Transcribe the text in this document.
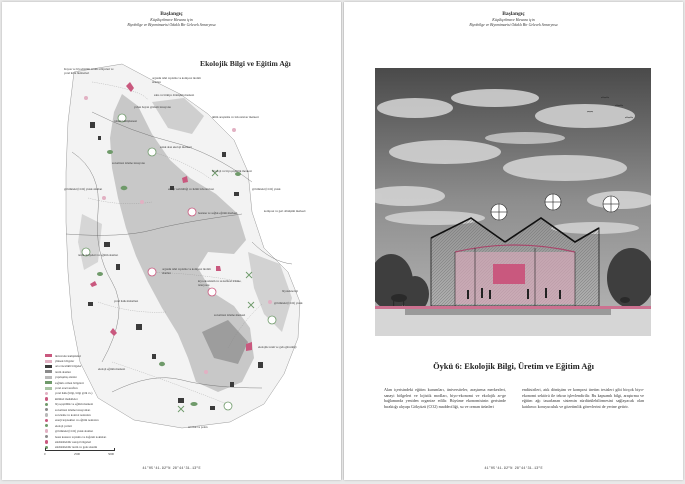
Başlangıç
Küçükçekmece Havzası için
Biyobölge ve Biyomimarisi Odaklı Bir Gelecek Senaryosu
Ekolojik Bilgi ve Eğitim Ağı
Kayısı ve biyodizilim tarımı atölyeleri ve yerel ürün hizmetleri
organik tahıl toplama ve kompost üretim alanları
saha ve bitkiye dönüşüm merkezi
yaban hayatı gözlem istasyonu
tohum kütüphanesi
iklim araştırma ve laboratuvar merkezi
sulak alan ekoloji merkezi
su kalitesi izleme istasyonu
gölcükteki (CO2) yutak alanları
biyoloji ve biyoçeşitlilik merkezi
enerji verimliliği ve iklim laboratuvarı	gölcükteki (CO2) yutak
hastane ve sağlık eğitim merkezi	kompost ve geri dönüşüm merkezi
tarım atölyeleri ve eğitim alanları
organik tahıl toplama ve kompost üretim alanları
kıyı ekosistem ve su kalitesi izleme istasyonu
biyoteknoloji
gölcükteki (CO2) yutak
su kalitesi izleme merkezi
yerel halk mahallesi
ekoloji eğitim merkezi
ekolojik tarım ve gıda güvenliği
arıcılık ve polen
üniversite kampüsleri
yüksek bölgeler
orta öncelikli bölgeler
tarım alanları
yapılaşmış alanlar
sağlıklı orman bölgeleri
yerel arazi sınıfları
yerel halk (bilgi, bilgi gölü vs.)
kültürel mahalleler
biyoçeşitlilik ve eğitim merkezi
su kalitesi izleme istasyonları
su izleme ve kontrol noktaları
enerji kaynakları ve eğitim noktaları
ekoloji yerleri
gölcükteki (CO2) yutak alanları
hasat kazancı toplama ve dağıtım noktaları
sürdürülebilir sanayi bölgeleri
sürdürülebilir tarım ve gıda sistemi
0	2500	5000
41°05′41.92″N 28°44′31.13″E
Başlangıç
Küçükçekmece Havzası için
Biyobölge ve Biyomimarisi Odaklı Bir Gelecek Senaryosu
Öykü 6: Ekolojik Bilgi, Üretim ve Eğitim Ağı
Alan içerisindeki eğitim kurumları, üniversiteler, araştırma merkezleri, sanayi bölgeleri ve lojistik modları, biyo-ekonomi ve ekolojik ar-ge bağlamında yeniden organize edilir. Büyüme ekonomisinin gerisinde bıraktığı alıyapı Gökyüzü (CO2) maddeciliği, su ve orman ürünleri
endüstrileri, atık dönüşüm ve kompost üretim tesisleri gibi birçok biyo-ekonomi sektörü ile tekrar işlevlendirilir. Bu kapsamlı bilgi, araştırma ve eğitim ağı tasarlanan sistemin sürdürülebilirmesini sağlayacak olan katılımcı koruyuculuk ve gözetimlik görevlerini de yerine getirir.
41°05′41.92″N 28°44′31.13″E
